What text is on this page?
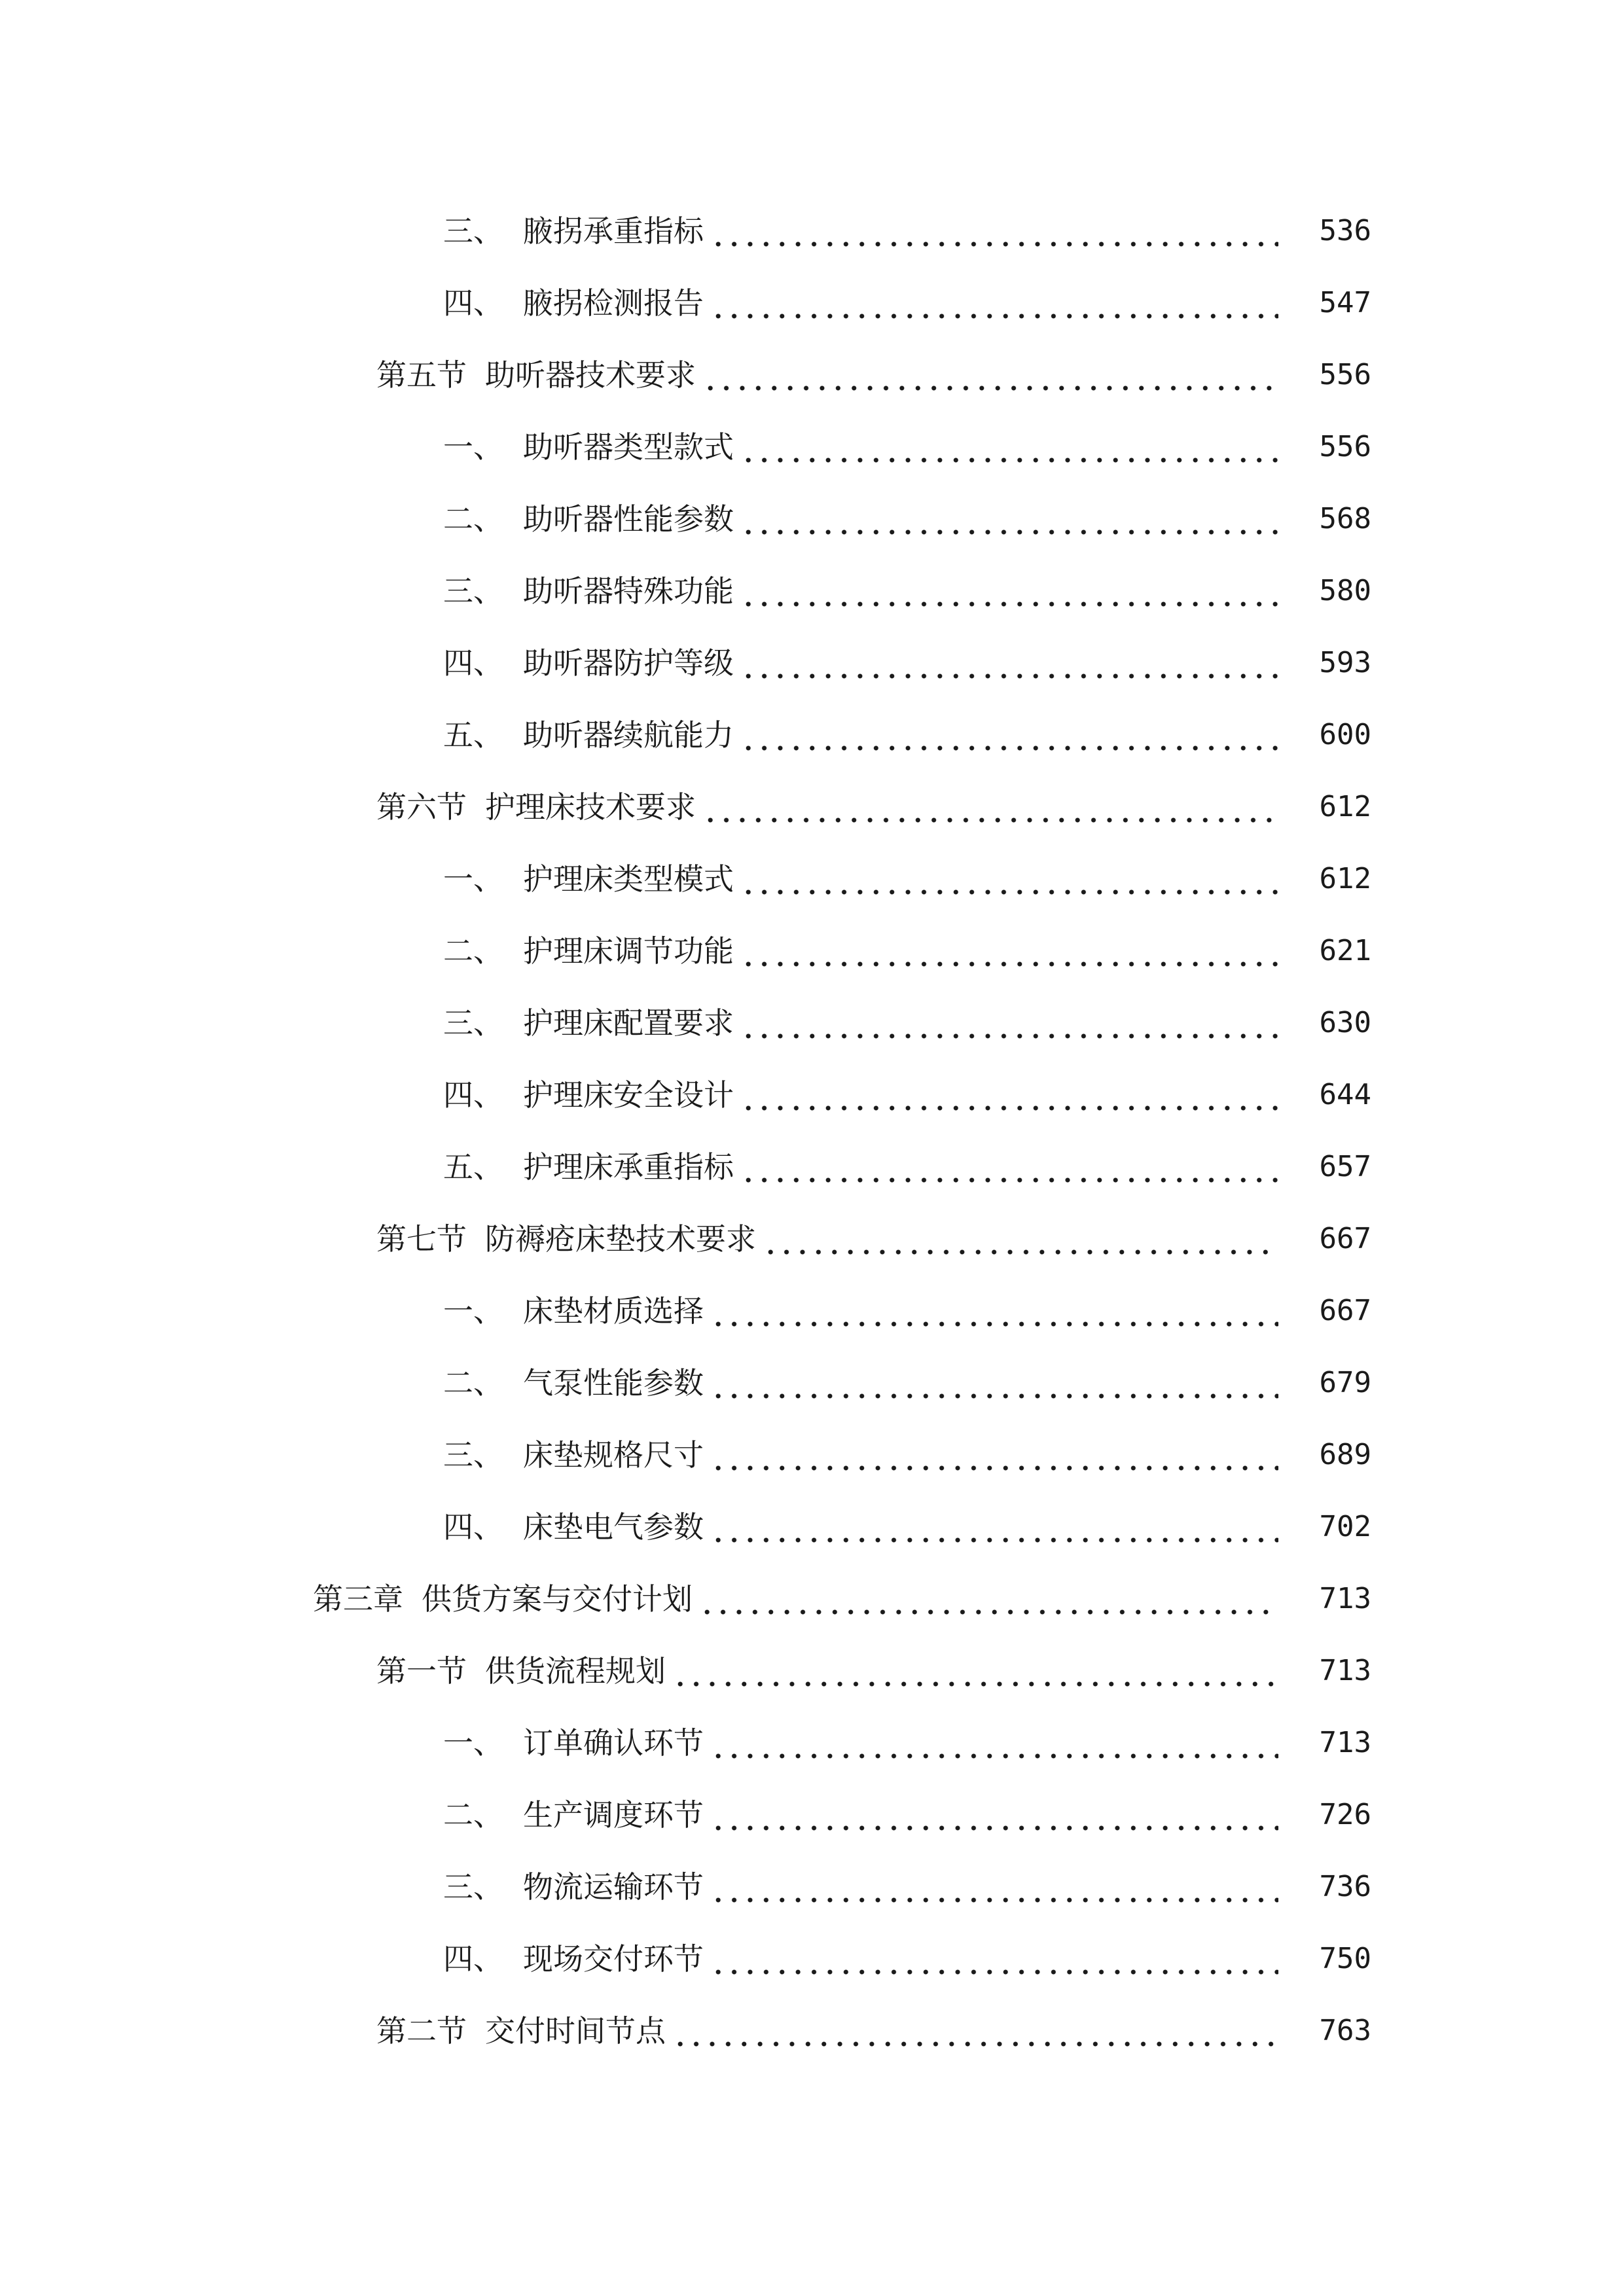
三、 腋拐承重指标	536
四、 腋拐检测报告	547
第五节 助听器技术要求	556
一、 助听器类型款式	556
二、 助听器性能参数	568
三、 助听器特殊功能	580
四、 助听器防护等级	593
五、 助听器续航能力	600
第六节 护理床技术要求	612
一、 护理床类型模式	612
二、 护理床调节功能	621
三、 护理床配置要求	630
四、 护理床安全设计	644
五、 护理床承重指标	657
第七节 防褥疮床垫技术要求	667
一、 床垫材质选择	667
二、 气泵性能参数	679
三、 床垫规格尺寸	689
四、 床垫电气参数	702
第三章 供货方案与交付计划	713
第一节 供货流程规划	713
一、 订单确认环节	713
二、 生产调度环节	726
三、 物流运输环节	736
四、 现场交付环节	750
第二节 交付时间节点	763
